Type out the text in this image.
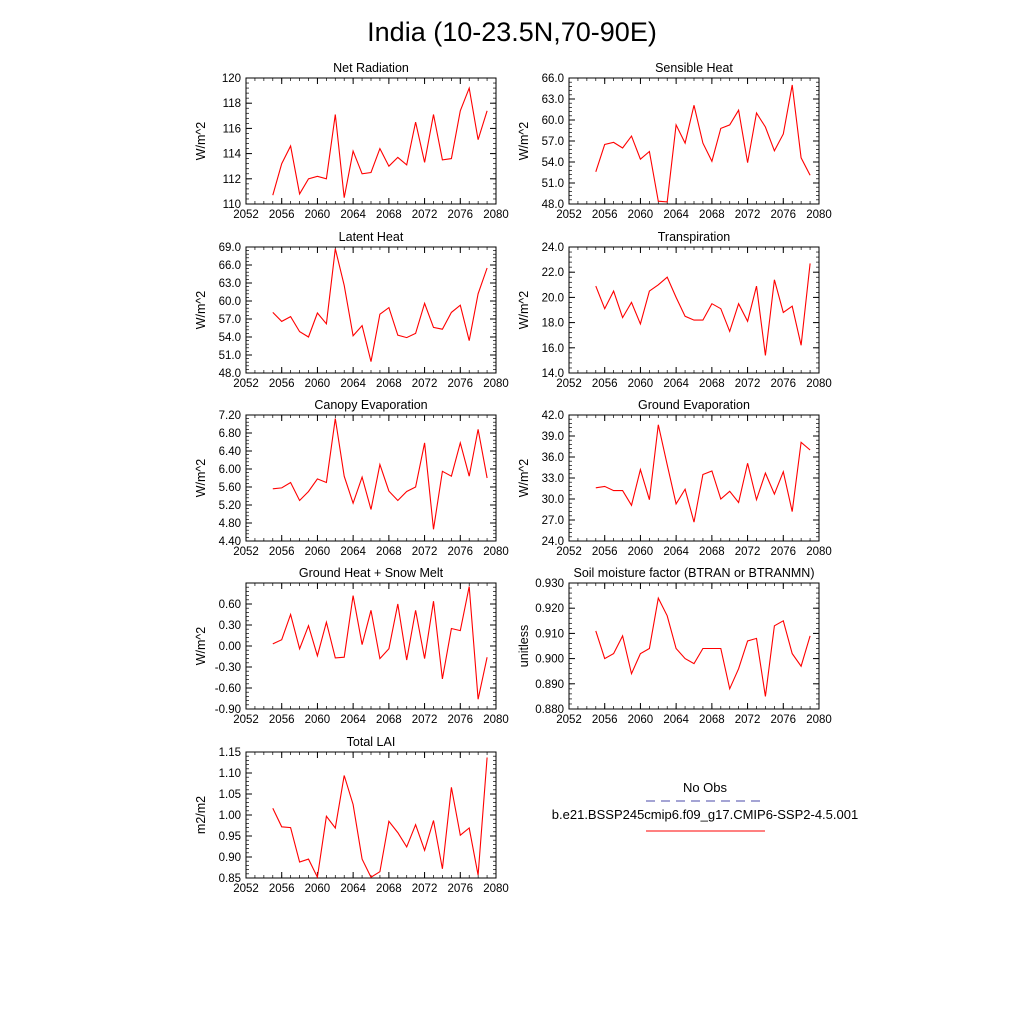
India (10-23.5N,70-90E)
2052 2056 2060 2064 2068 2072 2076 2080
110
112
114
116
118
120
Net Radiation
W/m^2
2052 2056 2060 2064 2068 2072 2076 2080
48.0
51.0
54.0
57.0
60.0
63.0
66.0
Sensible Heat
W/m^2
2052 2056 2060 2064 2068 2072 2076 2080
48.0
51.0
54.0
57.0
60.0
63.0
66.0
69.0
Latent Heat
W/m^2
2052 2056 2060 2064 2068 2072 2076 2080
14.0
16.0
18.0
20.0
22.0
24.0
Transpiration
W/m^2
2052 2056 2060 2064 2068 2072 2076 2080
4.40
4.80
5.20
5.60
6.00
6.40
6.80
7.20
Canopy Evaporation
W/m^2
2052 2056 2060 2064 2068 2072 2076 2080
24.0
27.0
30.0
33.0
36.0
39.0
42.0
Ground Evaporation
W/m^2
2052 2056 2060 2064 2068 2072 2076 2080
-0.90
-0.60
-0.30
0.00
0.30
0.60
Ground Heat + Snow Melt
W/m^2
2052 2056 2060 2064 2068 2072 2076 2080
0.880
0.890
0.900
0.910
0.920
0.930
Soil moisture factor (BTRAN or BTRANMN)
unitless
2052 2056 2060 2064 2068 2072 2076 2080
0.85
0.90
0.95
1.00
1.05
1.10
1.15
Total LAI
m2/m2
No Obs
b.e21.BSSP245cmip6.f09_g17.CMIP6-SSP2-4.5.001
